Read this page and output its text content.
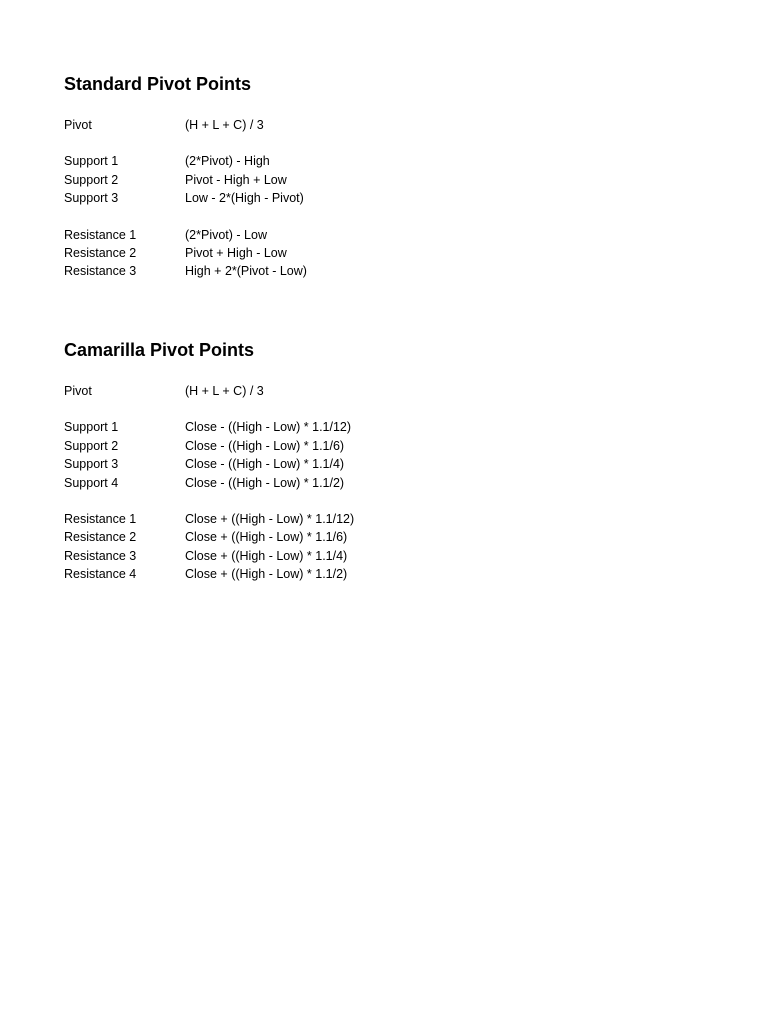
Standard Pivot Points
Pivot	(H + L + C) / 3
Support 1	(2*Pivot) - High
Support 2	Pivot - High + Low
Support 3	Low - 2*(High - Pivot)
Resistance 1	(2*Pivot) - Low
Resistance 2	Pivot + High - Low
Resistance 3	High + 2*(Pivot - Low)
Camarilla Pivot Points
Pivot	(H + L + C) / 3
Support 1	Close - ((High - Low) * 1.1/12)
Support 2	Close - ((High - Low) * 1.1/6)
Support 3	Close - ((High - Low) * 1.1/4)
Support 4	Close - ((High - Low) * 1.1/2)
Resistance 1	Close + ((High - Low) * 1.1/12)
Resistance 2	Close + ((High - Low) * 1.1/6)
Resistance 3	Close + ((High - Low) * 1.1/4)
Resistance 4	Close + ((High - Low) * 1.1/2)
